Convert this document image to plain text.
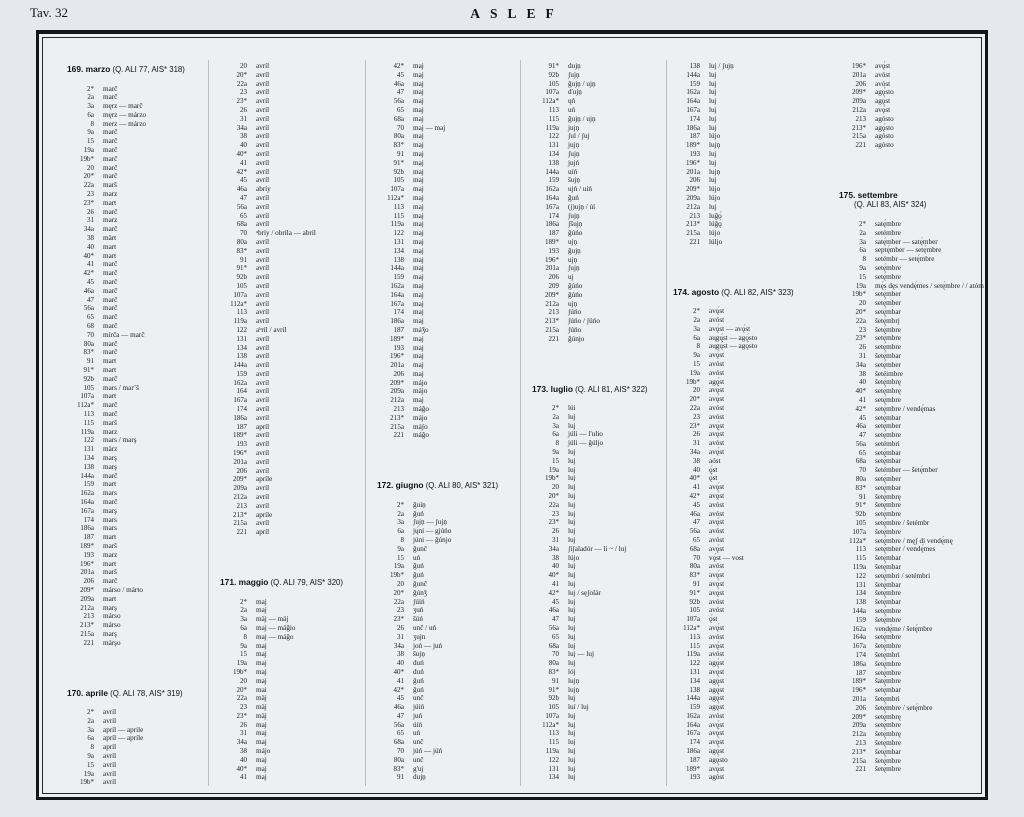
Tav. 32	ASLEF
169. marzo (Q. ALI 77, AIS* 318)
2* marč
2a marč
3a męrz — marč
6a męrz — márzo
8 merz — márzo
9a marč
15 marč
19a marč
19b* marč
20 marč
20* marč
22a marš
23 marz
23* marŧ
26 marč
31 marz
34a marč
38 märŧ
40 marŧ
40* marŧ
41 marč
42* marč
45 marč
46a marč
47 marč
56a marč
65 marč
68 marč
70 mírča — marč
80a marč
83* marč
91 marŧ
91* marŧ
92b marč
105 mars / marʼš
107a marŧ
112a* marč
113 marč
115 marš
119a marz
122 mars / marş
131 märz
134 marş
138 marş
144a marč
159 marŧ
162a mars
164a marč
167a marş
174 mars
186a mars
187 marŧ
189* marš
193 marz
196* marŧ
201a marš
206 marč
209* márso / márŧo
209a marŧ
212a marş
213 márso
213* márso
215a marş
221 márşo
170. aprile (Q. ALI 78, AIS* 319)
2* avríl
2a avríl
3a apríl — aprile
6a apríl — apríle
8 apríl
9a avríl
15 avríl
19a avríl
19b* avríl
20 avríl
20* avríl
22a avríl
23 avríl
23* avríl
26 avríl
31 avríl
34a avríl
38 avríl
40 avríl
40* avríl
41 avríl
42* avríl
45 avríl
46a abríy
47 avríl
56a avríl
65 avríl
68a avríl
70 ᵃbríy / obríla — abríl
80a avríl
83* avríl
91 avríl
91* avríl
92b avríl
105 avríl
107a avríl
112a* avríl
113 avríl
119a avríl
122 aᵇríl / avríl
131 avríl
134 avríl
138 avríl
144a avríl
159 avríl
162a avríl
164 avríl
167a avríl
174 avríl
186a avríl
187 apríl
189* avríl
193 avríl
196* avríl
201a avríl
206 avríl
209* apríle
209a avríl
212a avríl
213 avríl
213* apríle
215a avríl
221 apríl
171. maggio (Q. ALI 79, AIS* 320)
2* maj
2a maj
3a mäj — mäj
6a maj — máǧio
8 maj — máǧo
9a maj
15 maj
19a maj
19b* maj
20 maj
20* mai
22a mäj
23 mäj
23* mäj
26 maj
31 maj
34a maj
38 májo
40 maj
40* maj
41 maj
42* maj
45 maj
46a maj
47 maj
56a maj
65 maj
68a maj
70 maj — maj
80a maj
83* maj
91 maj
91* maj
92b maj
105 maj
107a maj
112a* maj
113 maj
115 maj
119a maj
122 maj
131 maj
134 maj
138 maj
144a maj
159 maj
162a maj
164a maj
167a maj
174 maj
186a maj
187 máǯo
189* maj
193 maj
196* maj
201a maj
206 maj
209* májo
209a májo
212a maj
213 máǧo
213* májo
215a máʃo
221 máǧo
172. giugno (Q. ALI 80, AIS* 321)
2* ǧuíņ
2a ǧuń
3a ʃujņ — ʃujņ
6a jų́ni — gjúńo
8 júni — ǧúnjo
9a ǧunč
15 uń
19a ǧuń
19b* ǧuń
20 ǧunč
20* ǧúnǯ
22a ʃúíń
23 ʒuń
23* šúń
26 unč / uń
31 ʒujn
34a joń — juń
38 šujņ
40 duń
40* duń
41 ǧuń
42* ǧuń
45 unč
46a júíń
47 juń
56a úíń
65 uń
68a unč
70 júń — júń
80a unč
83* g'uj
91 dujņ
91* dujņ
92b ʃujņ
105 ǧujņ / ujņ
107a ďujņ
112a* ųń
113 uń
115 ǧujņ / ujņ
119a jujņ
122 ʃul / ʃuj
131 jujņ
134 ʃujņ
138 jujń
144a uíń
159 šujņ
162a ujń / uíń
164a ǧuń
167a (j)ujņ / úí
174 ʃujņ
186a ʃšujņ
187 ǧúńo
189* ujņ
193 ǧujņ
196* ujņ
201a ʃujņ
206 uj
209 ǧúńo
209* ǧúńo
212a ujņ
213 ʃúńo
213* ʃúńo / ʃúńo
215a ʃúńo
221 ǧúnjo
173. luglio (Q. ALI 81, AIS* 322)
2* lúi
2a luj
3a luj
6a júli — l'ulio
8 júli — ǧúljo
9a luj
15 luj
19a luj
19b* luj
20 luj
20* luj
22a luj
23 luj
23* luj
26 luj
31 luj
34a ʃiʃaladór — li ~ / luj
38 lújo
40 luj
40* luj
41 luj
42* luj / sęʃolár
45 luj
46a luj
47 luj
56a luj
65 luj
68a luj
70 luj — luj
80a luj
83* lój
91 lujņ
91* lujņ
92b luj
105 luí / luj
107a luj
112a* luj
113 luj
115 luj
119a luj
122 luj
131 luj
134 luj
138 luj / ʃujņ
144a luj
159 luj
162a luj
164a luj
167a luj
174 luj
186a luj
187 lújo
189* lujņ
193 luj
196* luj
201a lujņ
206 luj
209* lújo
209a lújo
212a luj
213 luǧǫ́
213* lúǧǫ
215a lújo
221 lúljo
174. agosto (Q. ALI 82, AIS* 323)
2* avǫ́st
2a avóst
3a avǫ́st — avǫ́st
6a au̯gų́st — agǫ́sto
8 au̯gų́st — agǫ́sto
9a avǫ́st
15 avóst
19a avóst
19b* agǫ́st
20 avǫ́st
20* avǫ́st
22a avóst
23 avóst
23* avǫ́st
26 avǫ́st
31 avóst
34a avǫ́st
38 aóst
40 ǫ́st
40* ǫ́st
41 avǫ́st
42* avǫ́st
45 avóst
46a avóst
47 avǫ́st
56a avóst
65 avóst
68a avǫ́st
70 vǫ́st — vost
80a avóst
83* avǫ́st
91 avǫ́st
91* avǫ́st
92b avóst
105 avóst
107a ǫ́st
112a* avǫ́st
113 avóst
115 avǫ́st
119a avóst
122 agǫ́st
131 avǫ́st
134 agǫ́st
138 agǫ́st
144a agǫ́st
159 agǫ́st
162a avóst
164a avǫ́st
167a avǫ́st
174 avǫ́st
186a agǫ́st
187 agǫ́sto
189* avǫ́st
193 agóst
196* avǫ́st
201a avóst
206 avóst
209* agǫ́sto
209a agǫ́st
212a avǫ́st
213 agósto
213* agǫ́sto
215a agósto
221 agósto
175. settembre
(Q. ALI 83, AIS* 324)
2* satę́mbre
2a setémbre
3a satę́mber — satę́mber
6a septę́mber — setę́mbre
8 setémbr — setę́mbre
9a setę́mbre
15 setę́mbre
19a mę́s dęs vendę́mes / setę́mbre / / atóm
19b* setę́mber
20 setę́mber
20* setę́mbar
22a šetę́mbrj
23 šetę́mbre
23* setę́mbre
26 setę́mbre
31 šetę́mbar
34a setę́mber
38 šetéimbre
40 šetę́mbrę
40* setę́mbrę
41 setę́mbre
42* setę́mbre / vendę́mas
45 setę́mbar
46a setę́mber
47 setę́mbre
56a setémbri
65 setę́mbar
68a setę́mbar
70 šetémber — šetę́mber
80a setę́mber
83* setę́mbər
91 šetę́mbrę
91* šetę́mbre
92b setę́mbre
105 setę́mbre / šetémbr
107a šetę́mbre
112a* setę́mbre / męʃ di vendę́mę
113 setę́mber / vendę́mes
115 šetę́mbar
119a šetę́mbar
122 setę́mbri / setémbri
131 šetę́mbar
134 šetę́mbre
138 šetę́mbar
144a setę́mbre
159 šetę́mbre
162a vendę́me / šetę́mbre
164a setę́mbre
167a šetę́mbre
174 šetę́mbri
186a šetę́mbre
187 setę́mbre
189* šatę́mbre
196* setę́mbar
201a šetę́mbri
206 šetę́mbre / setę́mbre
209* setę́mbrę
209a setę́mbre
212a šetę́mbrę
213 šetę́mbre
213* šetę́mbar
215a šetę́mbre
221 šetę́mbre
